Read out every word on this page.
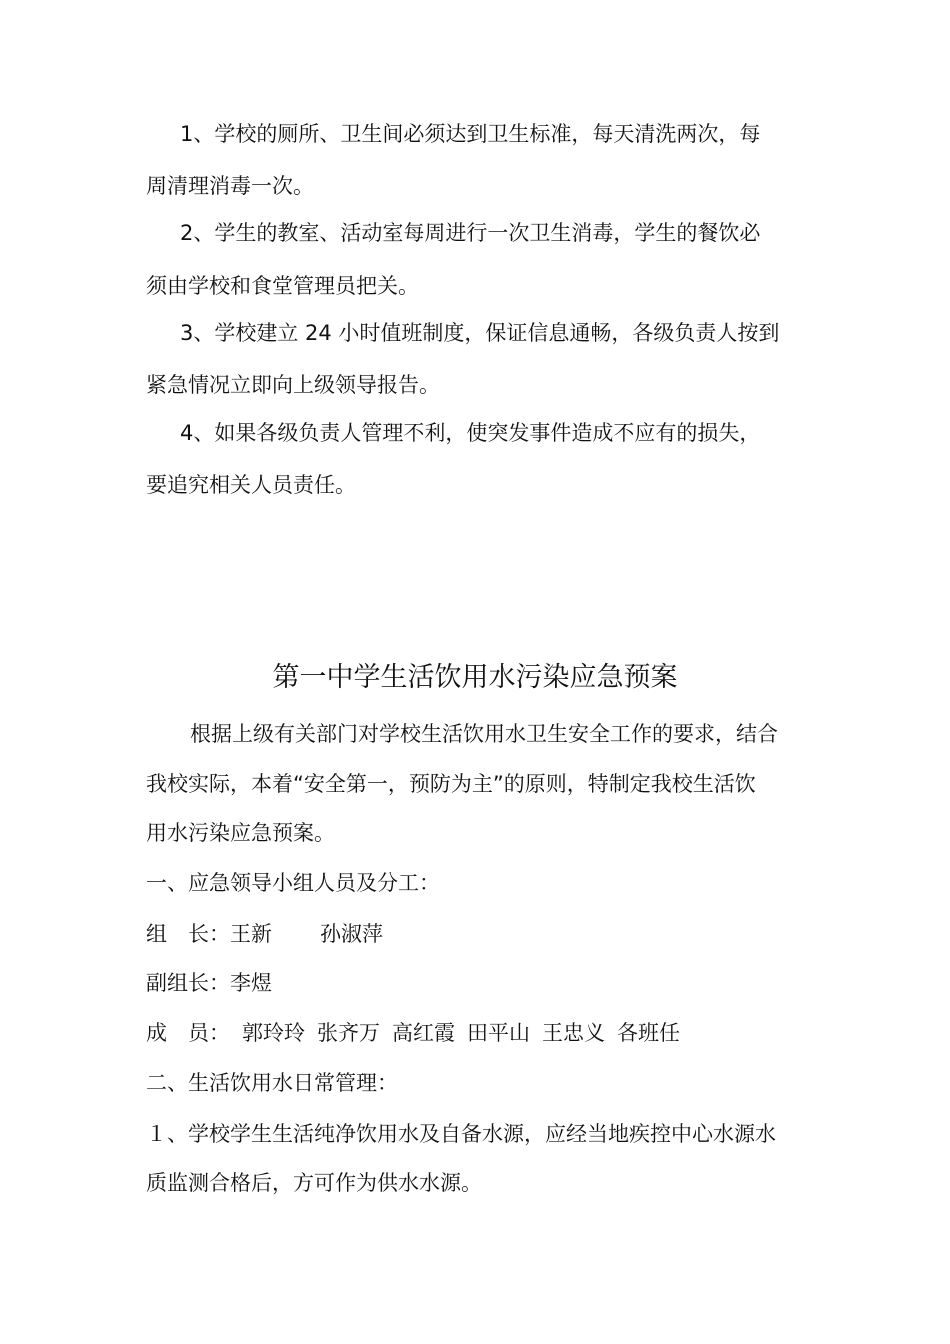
1、学校的厕所、卫生间必须达到卫生标准，每天清洗两次，每
周清理消毒一次。
2、学生的教室、活动室每周进行一次卫生消毒，学生的餐饮必
须由学校和食堂管理员把关。
3、学校建立 24 小时值班制度，保证信息通畅，各级负责人按到
紧急情况立即向上级领导报告。
4、如果各级负责人管理不利，使突发事件造成不应有的损失，
要追究相关人员责任。
第一中学生活饮用水污染应急预案
根据上级有关部门对学校生活饮用水卫生安全工作的要求，结合
我校实际，本着“安全第一，预防为主”的原则，特制定我校生活饮
用水污染应急预案。
一、应急领导小组人员及分工：
组　长：王新 孙淑萍
副组长：李煜
成　员： 郭玲玲 张齐万 高红霞 田平山 王忠义 各班任
二、生活饮用水日常管理：
１、学校学生生活纯净饮用水及自备水源，应经当地疾控中心水源水
质监测合格后，方可作为供水水源。
